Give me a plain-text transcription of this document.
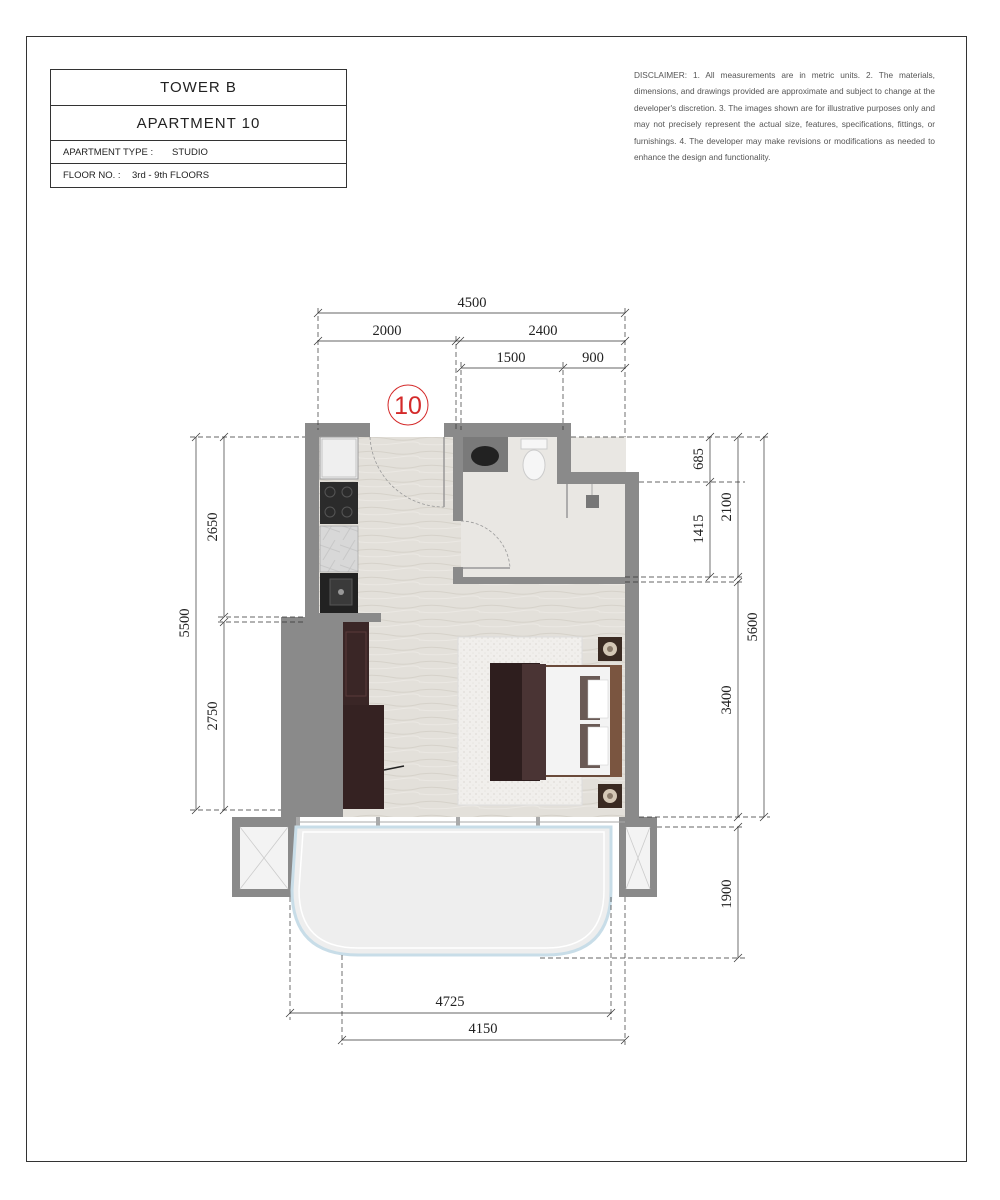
TOWER B
APARTMENT 10
APARTMENT TYPE : STUDIO
FLOOR NO. : 3rd - 9th FLOORS
DISCLAIMER: 1. All measurements are in metric units. 2. The materials, dimensions, and drawings provided are approximate and subject to change at the developer's discretion. 3. The images shown are for illustrative purposes only and may not precisely represent the actual size, features, specifications, fittings, or furnishings. 4. The developer may make revisions or modifications as needed to enhance the design and functionality.
10
4500
2000	2400
1500	900
5500
2650
2750
685
1415
2100
3400
5600
1900
4725
4150
